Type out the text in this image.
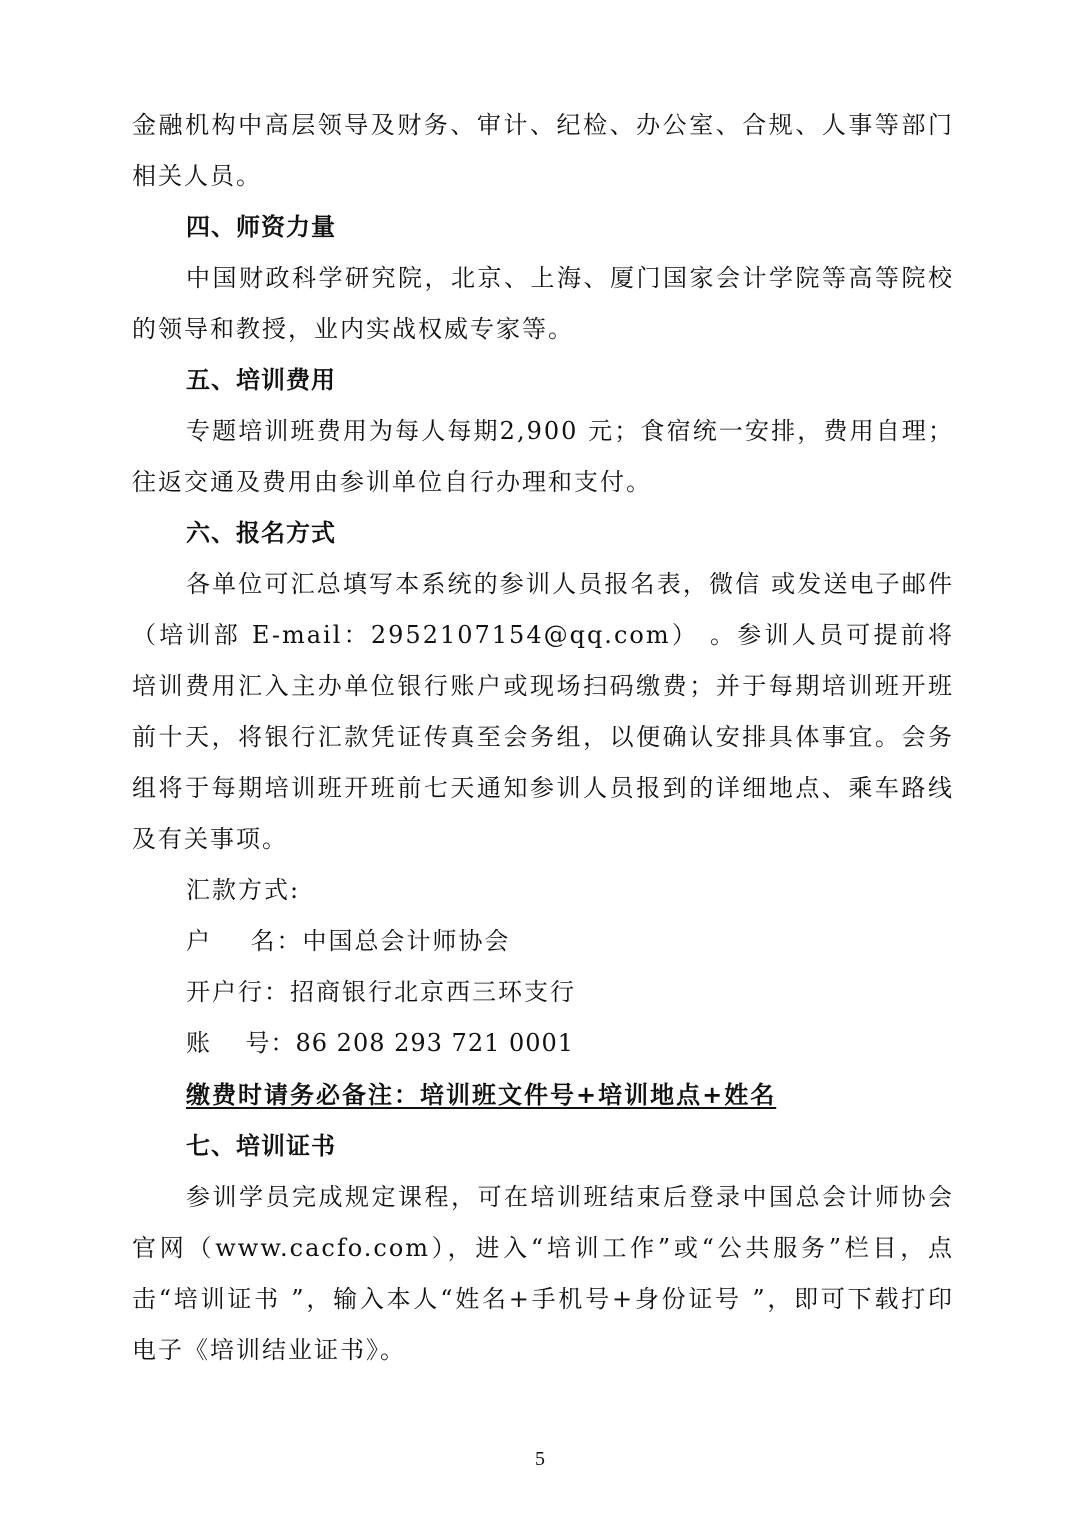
金融机构中高层领导及财务、审计、纪检、办公室、合规、人事等部门相关人员。

四、师资力量

中国财政科学研究院，北京、上海、厦门国家会计学院等高等院校的领导和教授，业内实战权威专家等。

五、培训费用

专题培训班费用为每人每期2,900 元；食宿统一安排，费用自理；往返交通及费用由参训单位自行办理和支付。

六、报名方式

各单位可汇总填写本系统的参训人员报名表，微信 或发送电子邮件（培训部 E-mail：2952107154@qq.com） 。参训人员可提前将培训费用汇入主办单位银行账户或现场扫码缴费；并于每期培训班开班前十天，将银行汇款凭证传真至会务组，以便确认安排具体事宜。会务组将于每期培训班开班前七天通知参训人员报到的详细地点、乘车路线及有关事项。

汇款方式:

户    名：中国总会计师协会

开户行：招商银行北京西三环支行

账    号：86 208 293 721 0001

缴费时请务必备注：培训班文件号+培训地点+姓名

七、培训证书

参训学员完成规定课程，可在培训班结束后登录中国总会计师协会官网（www.cacfo.com），进入“培训工作”或“公共服务”栏目，点击“培训证书 ”，输入本人“姓名+手机号+身份证号 ”，即可下载打印电子《培训结业证书》。

5
